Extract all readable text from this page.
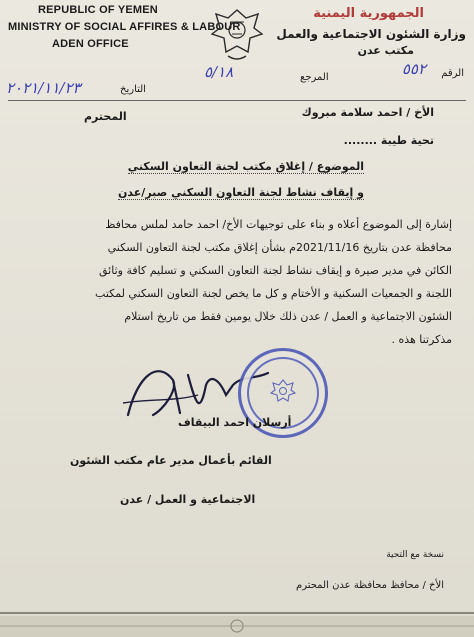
REPUBLIC OF YEMEN
MINISTRY OF SOCIAL AFFIRES & LABOUR
ADEN OFFICE
الجمهورية اليمنية
وزارة الشئون الاجتماعية والعمل
مكتب عدن
الرقم
٥٥٢
المرجع
٥/١٨
التاريخ
٢٠٢١/١١/٢٣
الأخ / احمد سلامة مبروك
المحترم
تحية طيبة ........
الموضوع / إغلاق مكتب لجنة التعاون السكني
و إيقاف نشاط لجنة التعاون السكني صبر/عدن
إشارة إلى الموضوع أعلاه و بناء على توجيهات الأخ/ احمد حامد لملس محافظ
محافظة عدن بتاريخ 2021/11/16م بشأن إغلاق مكتب لجنة التعاون السكني
الكائن في مدير صيرة و إيقاف نشاط لجنة التعاون السكني و تسليم كافة وثائق
اللجنة و الجمعيات السكنية و الأختام و كل ما يخص لجنة التعاون السكني لمكتب
الشئون الاجتماعية و العمل / عدن ذلك خلال يومين فقط من تاريخ استلام
مذكرتنا هذه .
أرسلان احمد البيقاف
القائم بأعمال مدير عام مكتب الشئون
الاجتماعية و العمل / عدن
نسخة مع التحية
الأخ / محافظ محافظة عدن
المحترم
